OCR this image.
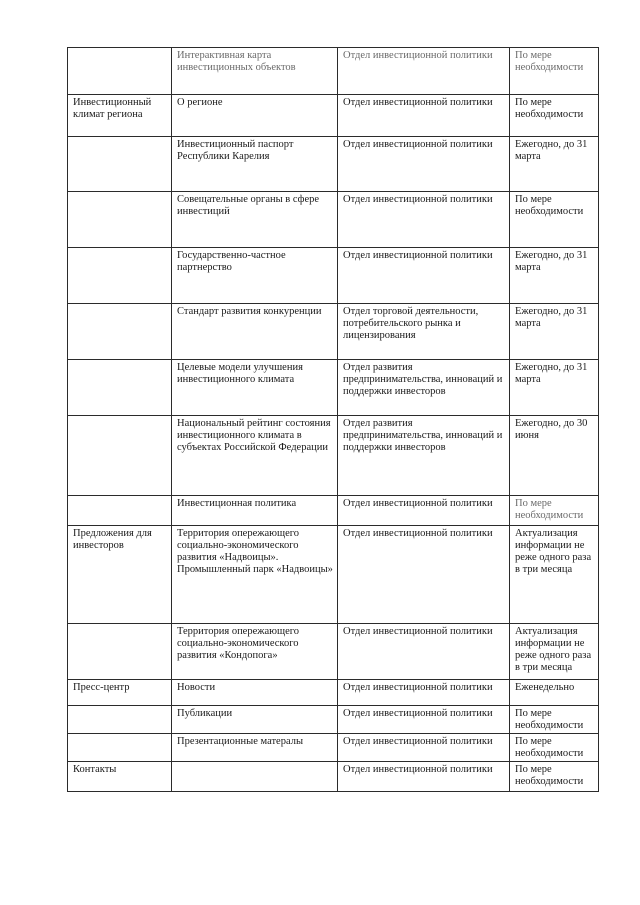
	Интерактивная карта инвестиционных объектов	Отдел инвестиционной политики	По мере необходимости
Инвестиционный климат региона	О регионе	Отдел инвестиционной политики	По мере необходимости
	Инвестиционный паспорт Республики Карелия	Отдел инвестиционной политики	Ежегодно, до 31 марта
	Совещательные органы в сфере инвестиций	Отдел инвестиционной политики	По мере необходимости
	Государственно-частное партнерство	Отдел инвестиционной политики	Ежегодно, до 31 марта
	Стандарт развития конкуренции	Отдел торговой деятельности, потребительского рынка и лицензирования	Ежегодно, до 31 марта
	Целевые модели улучшения инвестиционного климата	Отдел развития предпринимательства, инноваций и поддержки инвесторов	Ежегодно, до 31 марта
	Национальный рейтинг состояния инвестиционного климата в субъектах Российской Федерации	Отдел развития предпринимательства, инноваций и поддержки инвесторов	Ежегодно, до 30 июня
	Инвестиционная политика	Отдел инвестиционной политики	По мере необходимости
Предложения для инвесторов	Территория опережающего социально-экономического развития «Надвоицы». Промышленный парк «Надвоицы»	Отдел инвестиционной политики	Актуализация информации не реже одного раза в три месяца
	Территория опережающего социально-экономического развития «Кондопога»	Отдел инвестиционной политики	Актуализация информации не реже одного раза в три месяца
Пресс-центр	Новости	Отдел инвестиционной политики	Еженедельно
	Публикации	Отдел инвестиционной политики	По мере необходимости
	Презентационные матералы	Отдел инвестиционной политики	По мере необходимости
Контакты		Отдел инвестиционной политики	По мере необходимости
